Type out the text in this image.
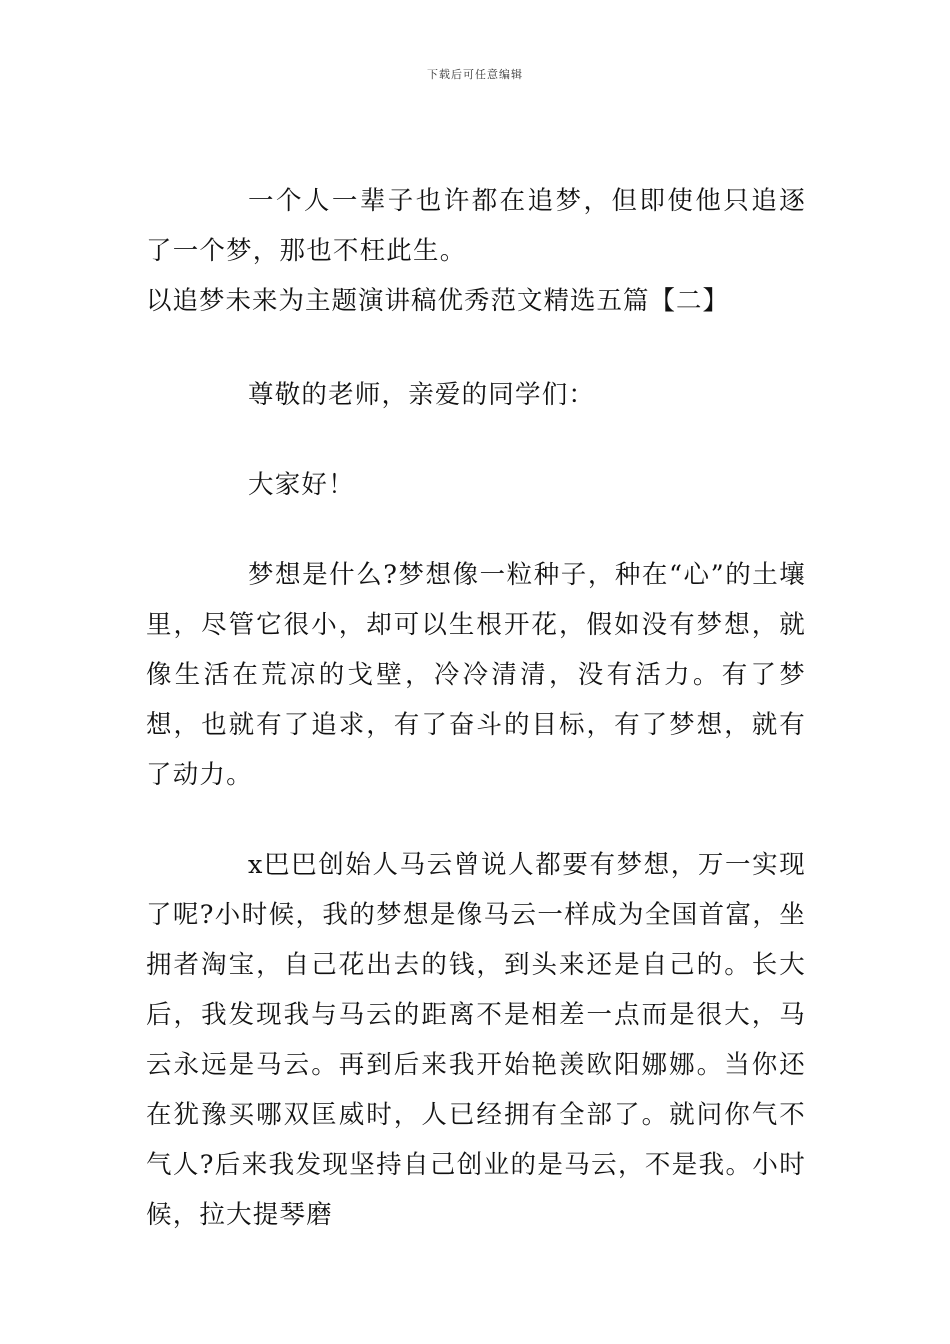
下载后可任意编辑

一个人一辈子也许都在追梦，但即使他只追逐了一个梦，那也不枉此生。

以追梦未来为主题演讲稿优秀范文精选五篇【二】

尊敬的老师，亲爱的同学们：

大家好！

梦想是什么?梦想像一粒种子，种在“心”的土壤里，尽管它很小，却可以生根开花，假如没有梦想，就像生活在荒凉的戈壁，冷冷清清，没有活力。有了梦想，也就有了追求，有了奋斗的目标，有了梦想，就有了动力。

x巴巴创始人马云曾说人都要有梦想，万一实现了呢?小时候，我的梦想是像马云一样成为全国首富，坐拥者淘宝，自己花出去的钱，到头来还是自己的。长大后，我发现我与马云的距离不是相差一点而是很大，马云永远是马云。再到后来我开始艳羡欧阳娜娜。当你还在犹豫买哪双匡威时，人已经拥有全部了。就问你气不气人?后来我发现坚持自己创业的是马云，不是我。小时候，拉大提琴磨
